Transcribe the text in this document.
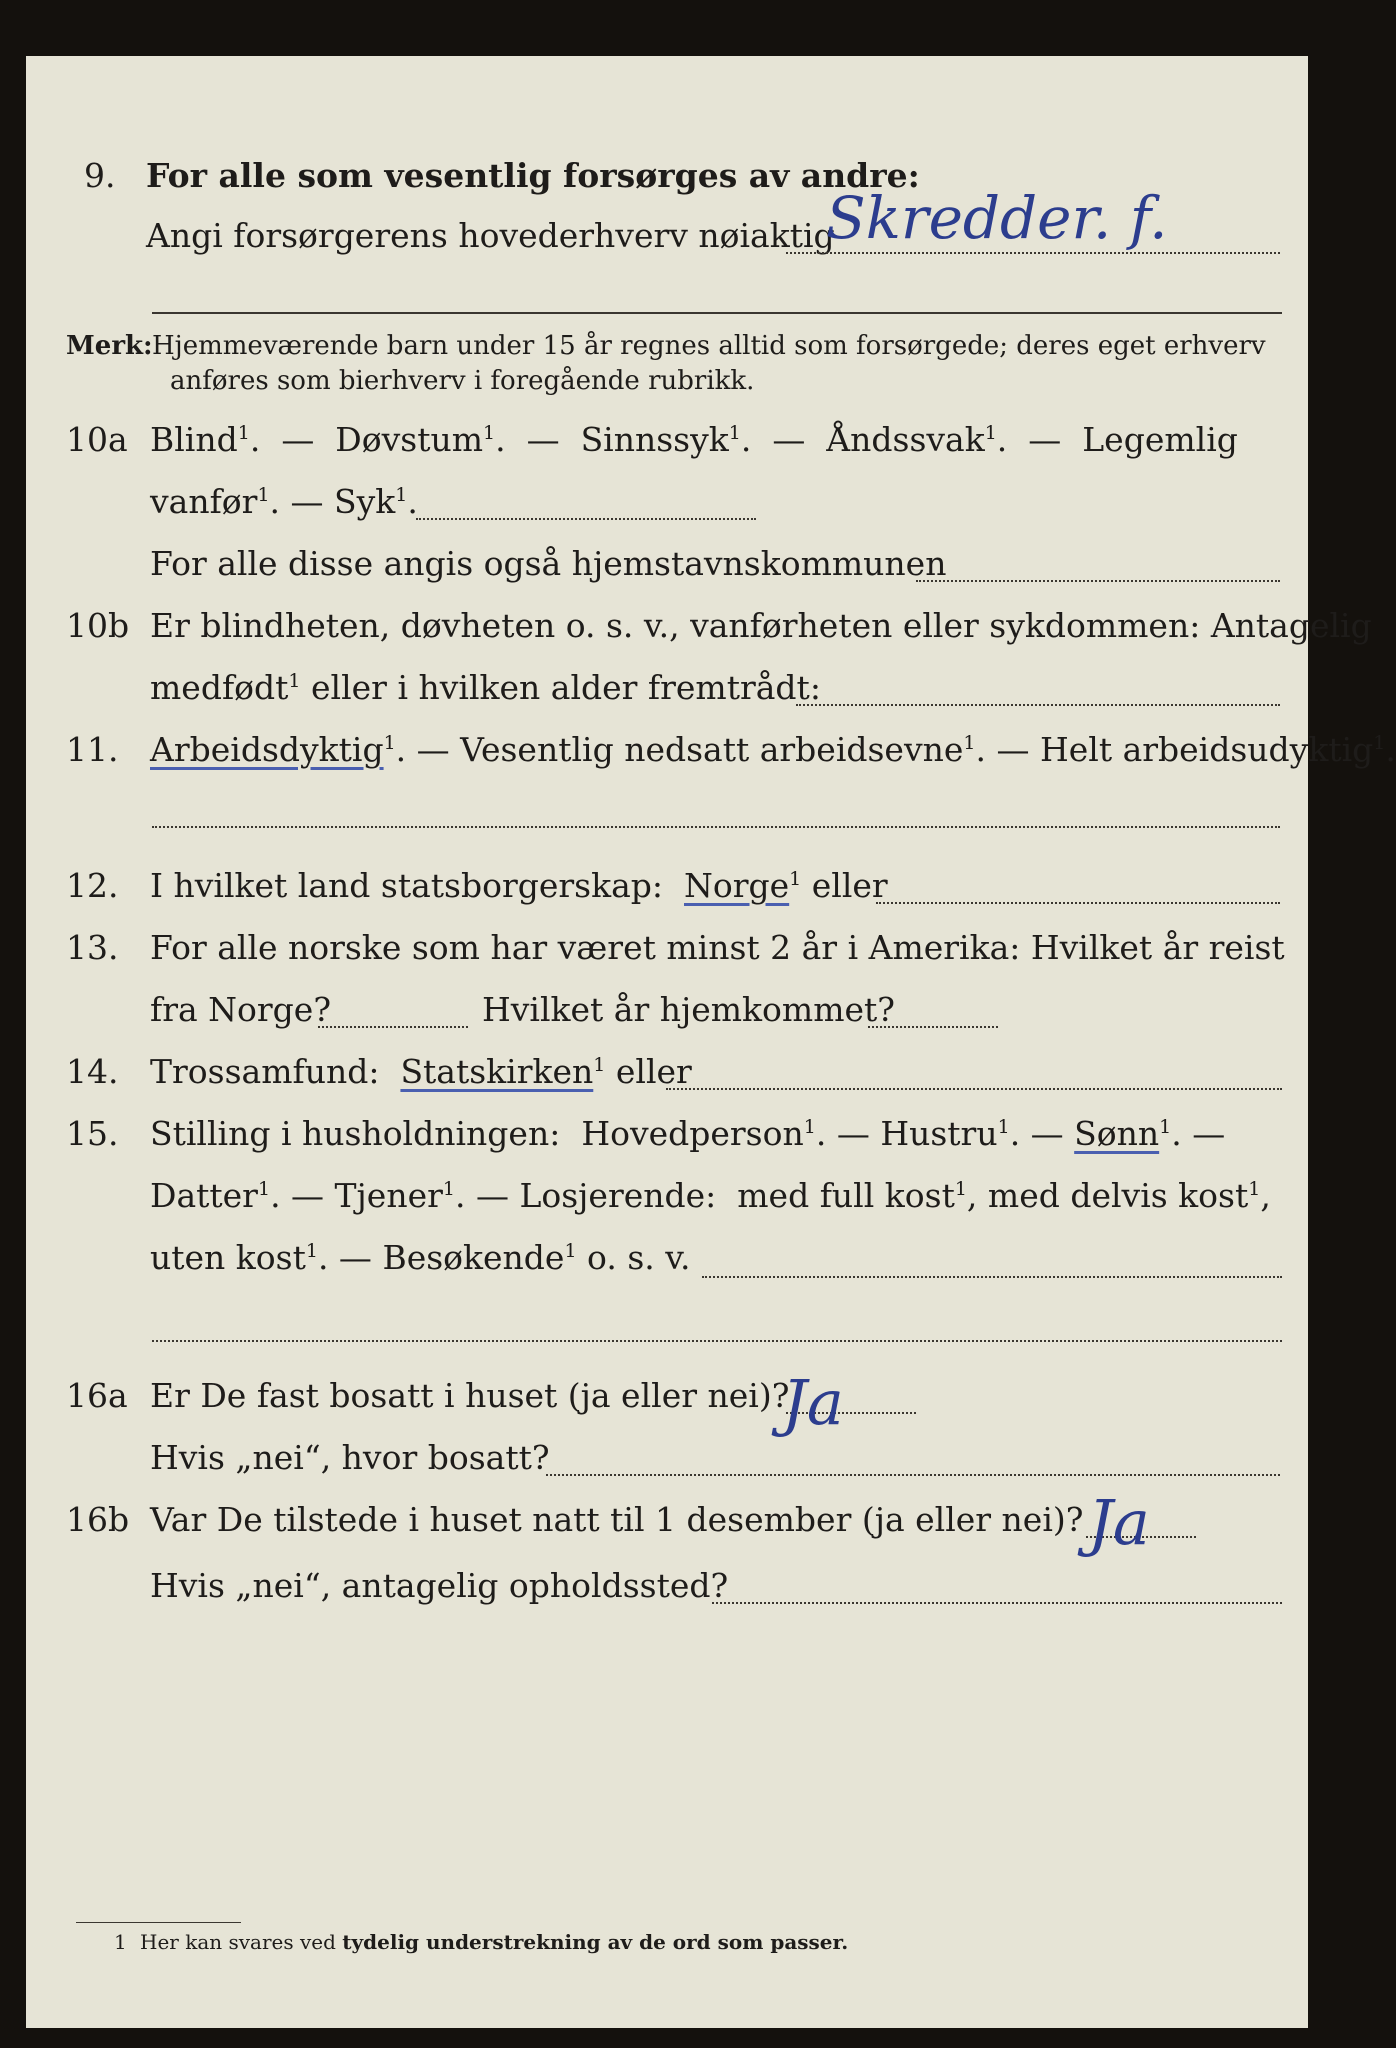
9. For alle som vesentlig forsørges av andre:
Angi forsørgerens hovederhverv nøiaktig
Skredder. f.
Merk: Hjemmeværende barn under 15 år regnes alltid som forsørgede; deres eget erhverv
anføres som bierhverv i foregående rubrikk.
10a Blind$^1$.  —  Døvstum$^1$.  —  Sinnssyk$^1$.  —  Åndssvak$^1$.  —  Legemlig
vanfør$^1$. — Syk$^1$.
For alle disse angis også hjemstavnskommunen
10b Er blindheten, døvheten o. s. v., vanførheten eller sykdommen: Antagelig
medfødt$^1$ eller i hvilken alder fremtrådt:
11. Arbeidsdyktig$^1$. — Vesentlig nedsatt arbeidsevne$^1$. — Helt arbeidsudyktig$^1$.
12. I hvilket land statsborgerskap: Norge$^1$ eller
13. For alle norske som har været minst 2 år i Amerika: Hvilket år reist
fra Norge?	Hvilket år hjemkommet?
14. Trossamfund: Statskirken$^1$ eller
15. Stilling i husholdningen: Hovedperson$^1$. — Hustru$^1$. — Sønn$^1$. —
Datter$^1$. — Tjener$^1$. — Losjerende: med full kost$^1$, med delvis kost$^1$,
uten kost$^1$. — Besøkende$^1$ o. s. v.
16a Er De fast bosatt i huset (ja eller nei)?
Ja
Hvis „nei“, hvor bosatt?
16b Var De tilstede i huset natt til 1 desember (ja eller nei)? Ja
Hvis „nei“, antagelig opholdssted?
1 Her kan svares ved tydelig understrekning av de ord som passer.
